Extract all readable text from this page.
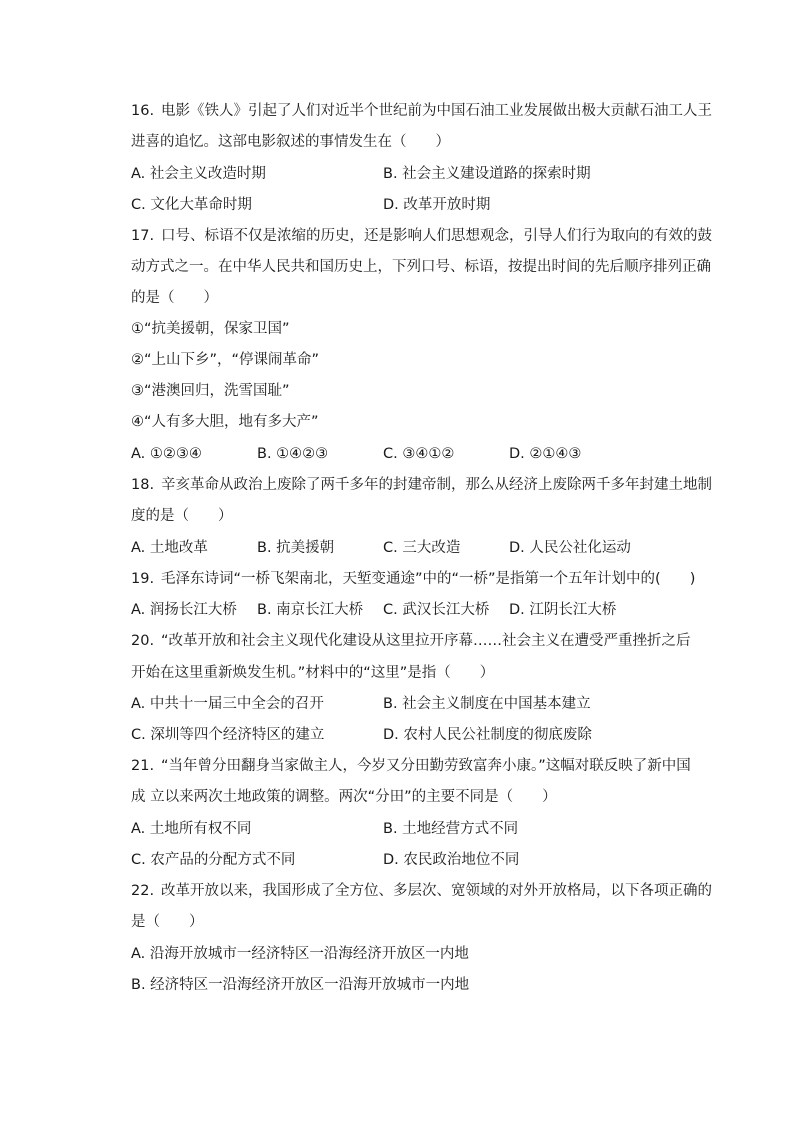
16. 电影《铁人》引起了人们对近半个世纪前为中国石油工业发展做出极大贡献石油工人王
进喜的追忆。这部电影叙述的事情发生在（　　）
A. 社会主义改造时期	B. 社会主义建设道路的探索时期
C. 文化大革命时期	D. 改革开放时期
17. 口号、标语不仅是浓缩的历史，还是影响人们思想观念，引导人们行为取向的有效的鼓
动方式之一。在中华人民共和国历史上，下列口号、标语，按提出时间的先后顺序排列正确
的是（　　）
①“抗美援朝，保家卫国”
②“上山下乡”，“停课闹革命”
③“港澳回归，洗雪国耻”
④“人有多大胆，地有多大产”
A. ①②③④	B. ①④②③	C. ③④①②	D. ②①④③
18. 辛亥革命从政治上废除了两千多年的封建帝制，那么从经济上废除两千多年封建土地制
度的是（　　）
A. 土地改革	B. 抗美援朝	C. 三大改造	D. 人民公社化运动
19. 毛泽东诗词“一桥飞架南北，天堑变通途”中的“一桥”是指第一个五年计划中的(　　)
A. 润扬长江大桥 B. 南京长江大桥 C. 武汉长江大桥 D. 江阴长江大桥
20. “改革开放和社会主义现代化建设从这里拉开序幕……社会主义在遭受严重挫折之后
开始在这里重新焕发生机。”材料中的“这里”是指（　　）
A. 中共十一届三中全会的召开	B. 社会主义制度在中国基本建立
C. 深圳等四个经济特区的建立	D. 农村人民公社制度的彻底废除
21. “当年曾分田翻身当家做主人，今岁又分田勤劳致富奔小康。”这幅对联反映了新中国
成 立以来两次土地政策的调整。两次“分田”的主要不同是（　　）
A. 土地所有权不同	B. 土地经营方式不同
C. 农产品的分配方式不同	D. 农民政治地位不同
22. 改革开放以来，我国形成了全方位、多层次、宽领域的对外开放格局，以下各项正确的
是（　　）
A. 沿海开放城市一经济特区一沿海经济开放区一内地
B. 经济特区一沿海经济开放区一沿海开放城市一内地
